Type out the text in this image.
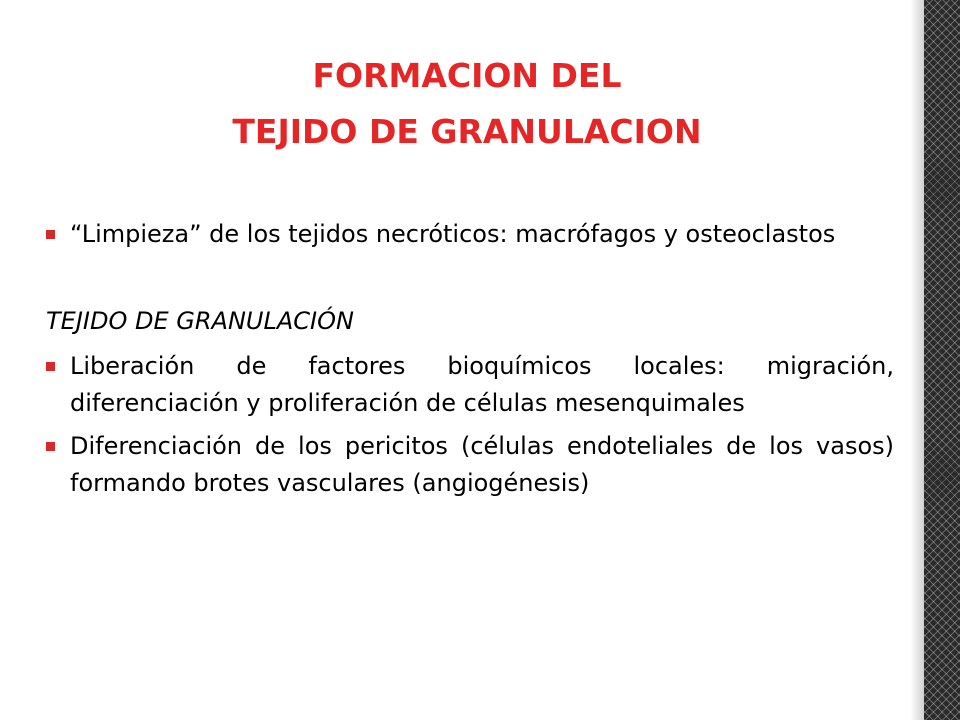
FORMACION DEL
TEJIDO DE GRANULACION
“Limpieza” de los tejidos necróticos: macrófagos y osteoclastos
TEJIDO DE GRANULACIÓN
Liberación de factores bioquímicos locales: migración, diferenciación y proliferación de células mesenquimales
Diferenciación de los pericitos (células endoteliales de los vasos) formando brotes vasculares (angiogénesis)
